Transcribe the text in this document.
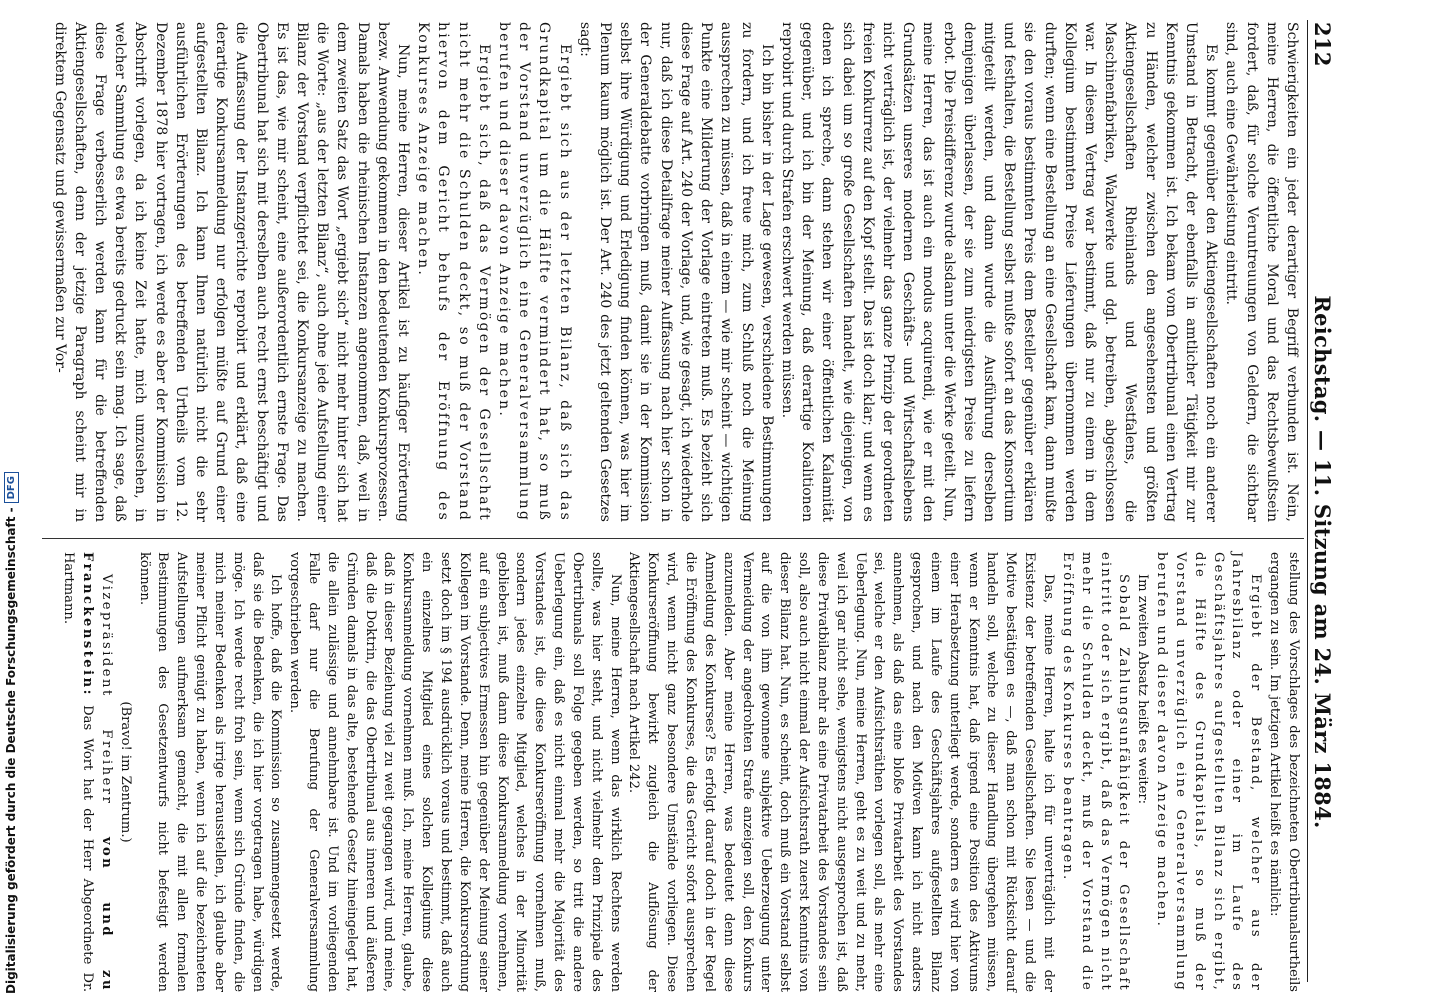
212
Reichstag. — 11. Sitzung am 24. März 1884.

Schwierigkeiten ein jeder derartiger Begriff verbunden ist. Nein, meine Herren, die öffentliche Moral und das Rechtsbewußtsein fordert, daß, für solche Veruntreuungen von Geldern, die sichtbar sind, auch eine Gewährleistung eintritt.

Es kommt gegenüber den Aktiengesellschaften noch ein anderer Umstand in Betracht, der ebenfalls in amtlicher Tätigkeit mir zur Kenntnis gekommen ist. Ich bekam vom Obertribunal einen Vertrag zu Händen, welcher zwischen den angesehensten und größten Aktiengesellschaften Rheinlands und Westfalens, die Maschinenfabriken, Walzwerke und dgl. betreiben, abgeschlossen war. In diesem Vertrag war bestimmt, daß nur zu einem in dem Kollegium bestimmten Preise Lieferungen übernommen werden durften; wenn eine Bestellung an eine Gesellschaft kam, dann mußte sie den voraus bestimmten Preis dem Besteller gegenüber erklären und festhalten, die Bestellung selbst mußte sofort an das Konsortium mitgeteilt werden, und dann wurde die Ausführung derselben demjenigen überlassen, der sie zum niedrigsten Preise zu liefern erbot. Die Preisdifferenz wurde alsdann unter die Werke geteilt. Nun, meine Herren, das ist auch ein modus acquirendi, wie er mit den Grundsätzen unseres modernen Geschäfts- und Wirtschaftslebens nicht verträglich ist, der vielmehr das ganze Prinzip der geordneten freien Konkurrenz auf den Kopf stellt. Das ist doch klar; und wenn es sich dabei um so große Gesellschaften handelt, wie diejenigen, von denen ich spreche, dann stehen wir einer öffentlichen Kalamität gegenüber, und ich bin der Meinung, daß derartige Koalitionen reprobirt und durch Strafen erschwert werden müssen.

Ich bin bisher in der Lage gewesen, verschiedene Bestimmungen zu fordern, und ich freue mich, zum Schluß noch die Meinung aussprechen zu müssen, daß in einem — wie mir scheint — wichtigen Punkte eine Milderung der Vorlage eintreten muß. Es bezieht sich diese Frage auf Art. 240 der Vorlage, und, wie gesagt, ich wiederhole nur, daß ich diese Detailfrage meiner Auffassung nach hier schon in der Generaldebatte vorbringen muß, damit sie in der Kommission selbst ihre Würdigung und Erledigung finden können, was hier im Plenum kaum möglich ist. Der Art. 240 des jetzt geltenden Gesetzes sagt:

Ergiebt sich aus der letzten Bilanz, daß sich das Grundkapital um die Hälfte vermindert hat, so muß der Vorstand unverzüglich eine Generalversammlung berufen und dieser davon Anzeige machen.

Ergiebt sich, daß das Vermögen der Gesellschaft nicht mehr die Schulden deckt, so muß der Vorstand hiervon dem Gericht behufs der Eröffnung des Konkurses Anzeige machen.

Nun, meine Herren, dieser Artikel ist zu häufiger Erörterung bezw. Anwendung gekommen in den bedeutenden Konkursprozessen. Damals haben die rheinischen Instanzen angenommen, daß, weil in dem zweiten Satz das Wort „ergiebt sich“ nicht mehr hinter sich hat die Worte: „aus der letzten Bilanz“, auch ohne jede Aufstellung einer Bilanz der Vorstand verpflichtet sei, die Konkursanzeige zu machen. Es ist das, wie mir scheint, eine außerordentlich ernste Frage. Das Obertribunal hat sich mit derselben auch recht ernst beschäftigt und die Auffassung der Instanzgerichte reprobirt und erklärt, daß eine derartige Konkursanmeldung nur erfolgen müßte auf Grund einer aufgestellten Bilanz. Ich kann Ihnen natürlich nicht die sehr ausführlichen Erörterungen des betreffenden Urtheils vom 12. Dezember 1878 hier vortragen, ich werde es aber der Kommission in Abschrift vorlegen, da ich keine Zeit hatte, mich umzusehen, in welcher Sammlung es etwa bereits gedruckt sein mag. Ich sage, daß diese Frage verbesserlich werden kann für die betreffenden Aktiengesellschaften, denn der jetzige Paragraph scheint mir in direktem Gegensatz und gewissermaßen zur Vor-

stellung des Vorschlages des bezeichneten Obertribunalsurtheils ergangen zu sein. Im jetzigen Artikel heißt es nämlich:

Ergiebt der Bestand, welcher aus der Jahresbilanz oder einer im Laufe des Geschäftsjahres aufgestellten Bilanz sich ergibt, die Hälfte des Grundkapitals, so muß der Vorstand unverzüglich eine Generalversammlung berufen und dieser davon Anzeige machen.

Im zweiten Absatz heißt es weiter:

Sobald Zahlungsunfähigkeit der Gesellschaft eintritt oder sich ergibt, daß das Vermögen nicht mehr die Schulden deckt, muß der Vorstand die Eröffnung des Konkurses beantragen.

Das, meine Herren, halte ich für unverträglich mit der Existenz der betreffenden Gesellschaften. Sie lesen — und die Motive bestätigen es —, daß man schon mit Rücksicht darauf handeln soll, welche zu dieser Handlung übergehen müssen, wenn er Kenntnis hat, daß irgend eine Position des Aktivums einer Herabsetzung unterliegt werde, sondern es wird hier von einem im Laufe des Geschäftsjahres aufgestellten Bilanz gesprochen, und nach den Motiven kann ich nicht anders annehmen, als daß das eine bloße Privatarbeit des Vorstandes sei, welche er den Aufsichtsräthen vorlegen soll, als mehr eine Ueberlegung. Nun, meine Herren, geht es zu weit und zu mehr, weil ich gar nicht sehe, wenigstens nicht ausgesprochen ist, daß diese Privatbilanz mehr als eine Privatarbeit des Vorstandes sein soll, also auch nicht einmal der Aufsichtsrath zuerst Kenntnis von dieser Bilanz hat. Nun, es scheint, doch muß ein Vorstand selbst auf die von ihm gewonnene subjektive Ueberzeugung unter Vermeidung der angedrohten Strafe anzeigen soll, den Konkurs anzumelden. Aber meine Herren, was bedeutet denn diese Anmeldung des Konkurses? Es erfolgt darauf doch in der Regel die Eröffnung des Konkurses, die das Gericht sofort aussprechen wird, wenn nicht ganz besondere Umstände vorliegen. Diese Konkurseröffnung bewirkt zugleich die Auflösung der Aktiengesellschaft nach Artikel 242.

Nun, meine Herren, wenn das wirklich Rechtens werden sollte, was hier steht, und nicht vielmehr dem Prinzipale des Obertribunals soll Folge gegeben werden, so tritt die andere Ueberlegung ein, daß es nicht einmal mehr die Majorität des Vorstandes ist, die diese Konkurseröffnung vornehmen muß, sondern jedes einzelne Mitglied, welches in der Minorität geblieben ist, muß dann diese Konkursanmeldung vornehmen, auf ein subjectives Ermessen hin gegenüber der Meinung seiner Kollegen im Vorstande. Denn, meine Herren, die Konkursordnung setzt doch im § 194 ausdrücklich voraus und bestimmt, daß auch ein einzelnes Mitglied eines solchen Kollegiums diese Konkursanmeldung vornehmen muß. Ich, meine Herren, glaube, daß in dieser Beziehung viel zu weit gegangen wird, und meine, daß die Doktrin, die das Obertribunal aus inneren und äußeren Gründen damals in das alte, bestehende Gesetz hineingelegt hat, die allein zulässige und annehmbare ist. Und im vorliegenden Falle darf nur die Berufung der Generalversammlung vorgeschrieben werden.

Ich hoffe, daß die Kommission so zusammengesetzt werde, daß sie die Bedenken, die ich hier vorgetragen habe, würdigen möge. Ich werde recht froh sein, wenn sich Gründe finden, die mich meiner Bedenken als irrige herausstellen, ich glaube aber meiner Pflicht genügt zu haben, wenn ich auf die bezeichneten Aufstellungen aufmerksam gemacht, die mit allen formalen Bestimmungen des Gesetzentwurfs nicht befestigt werden können.

(Bravo! im Zentrum.)

Vizepräsident Freiherr von und zu Franckenstein: Das Wort hat der Herr Abgeordnete Dr. Hartmann.

Digitalisierung gefördert durch die Deutsche Forschungsgemeinschaft -
DFG
